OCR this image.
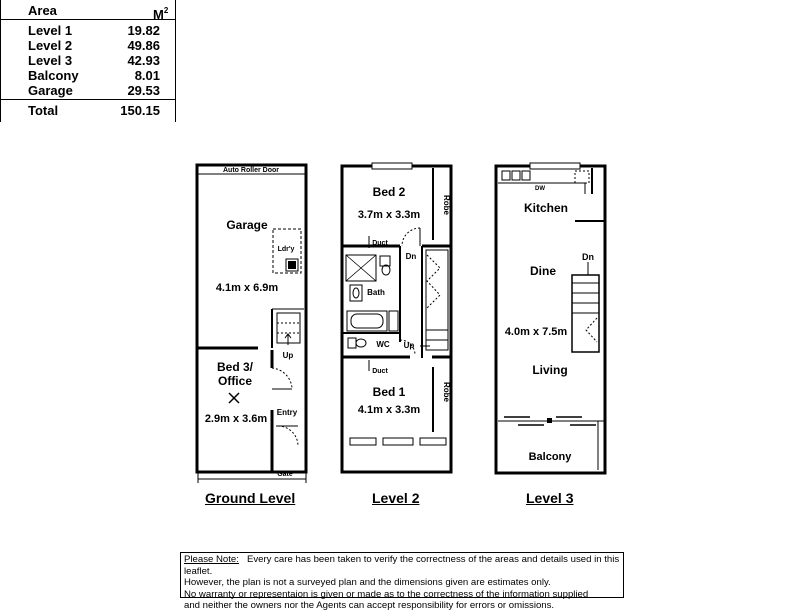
Area	$M^2$
Level 1	19.82
Level 2	49.86
Level 3	42.93
Balcony	8.01
Garage	29.53
Total	150.15
Auto Roller Door
Garage
Ldr'y
4.1m x 6.9m
Up
Bed 3/
Office
2.9m x 3.6m
Entry
Gate
Bed 2
3.7m x 3.3m	Robe
Duct
Dn
Bath
WC Up
Duct
Bed 1
4.1m x 3.3m
Robe
DW
Kitchen
Dn
Dine
4.0m x 7.5m
Living
Balcony
Ground Level	Level 2	Level 3
Please Note: Every care has been taken to verify the correctness of the areas and details used in this leaflet.
However, the plan is not a surveyed plan and the dimensions given are estimates only.
No warranty or representaion is given or made as to the correctness of the information supplied
and neither the owners nor the Agents can accept responsibility for errors or omissions.
